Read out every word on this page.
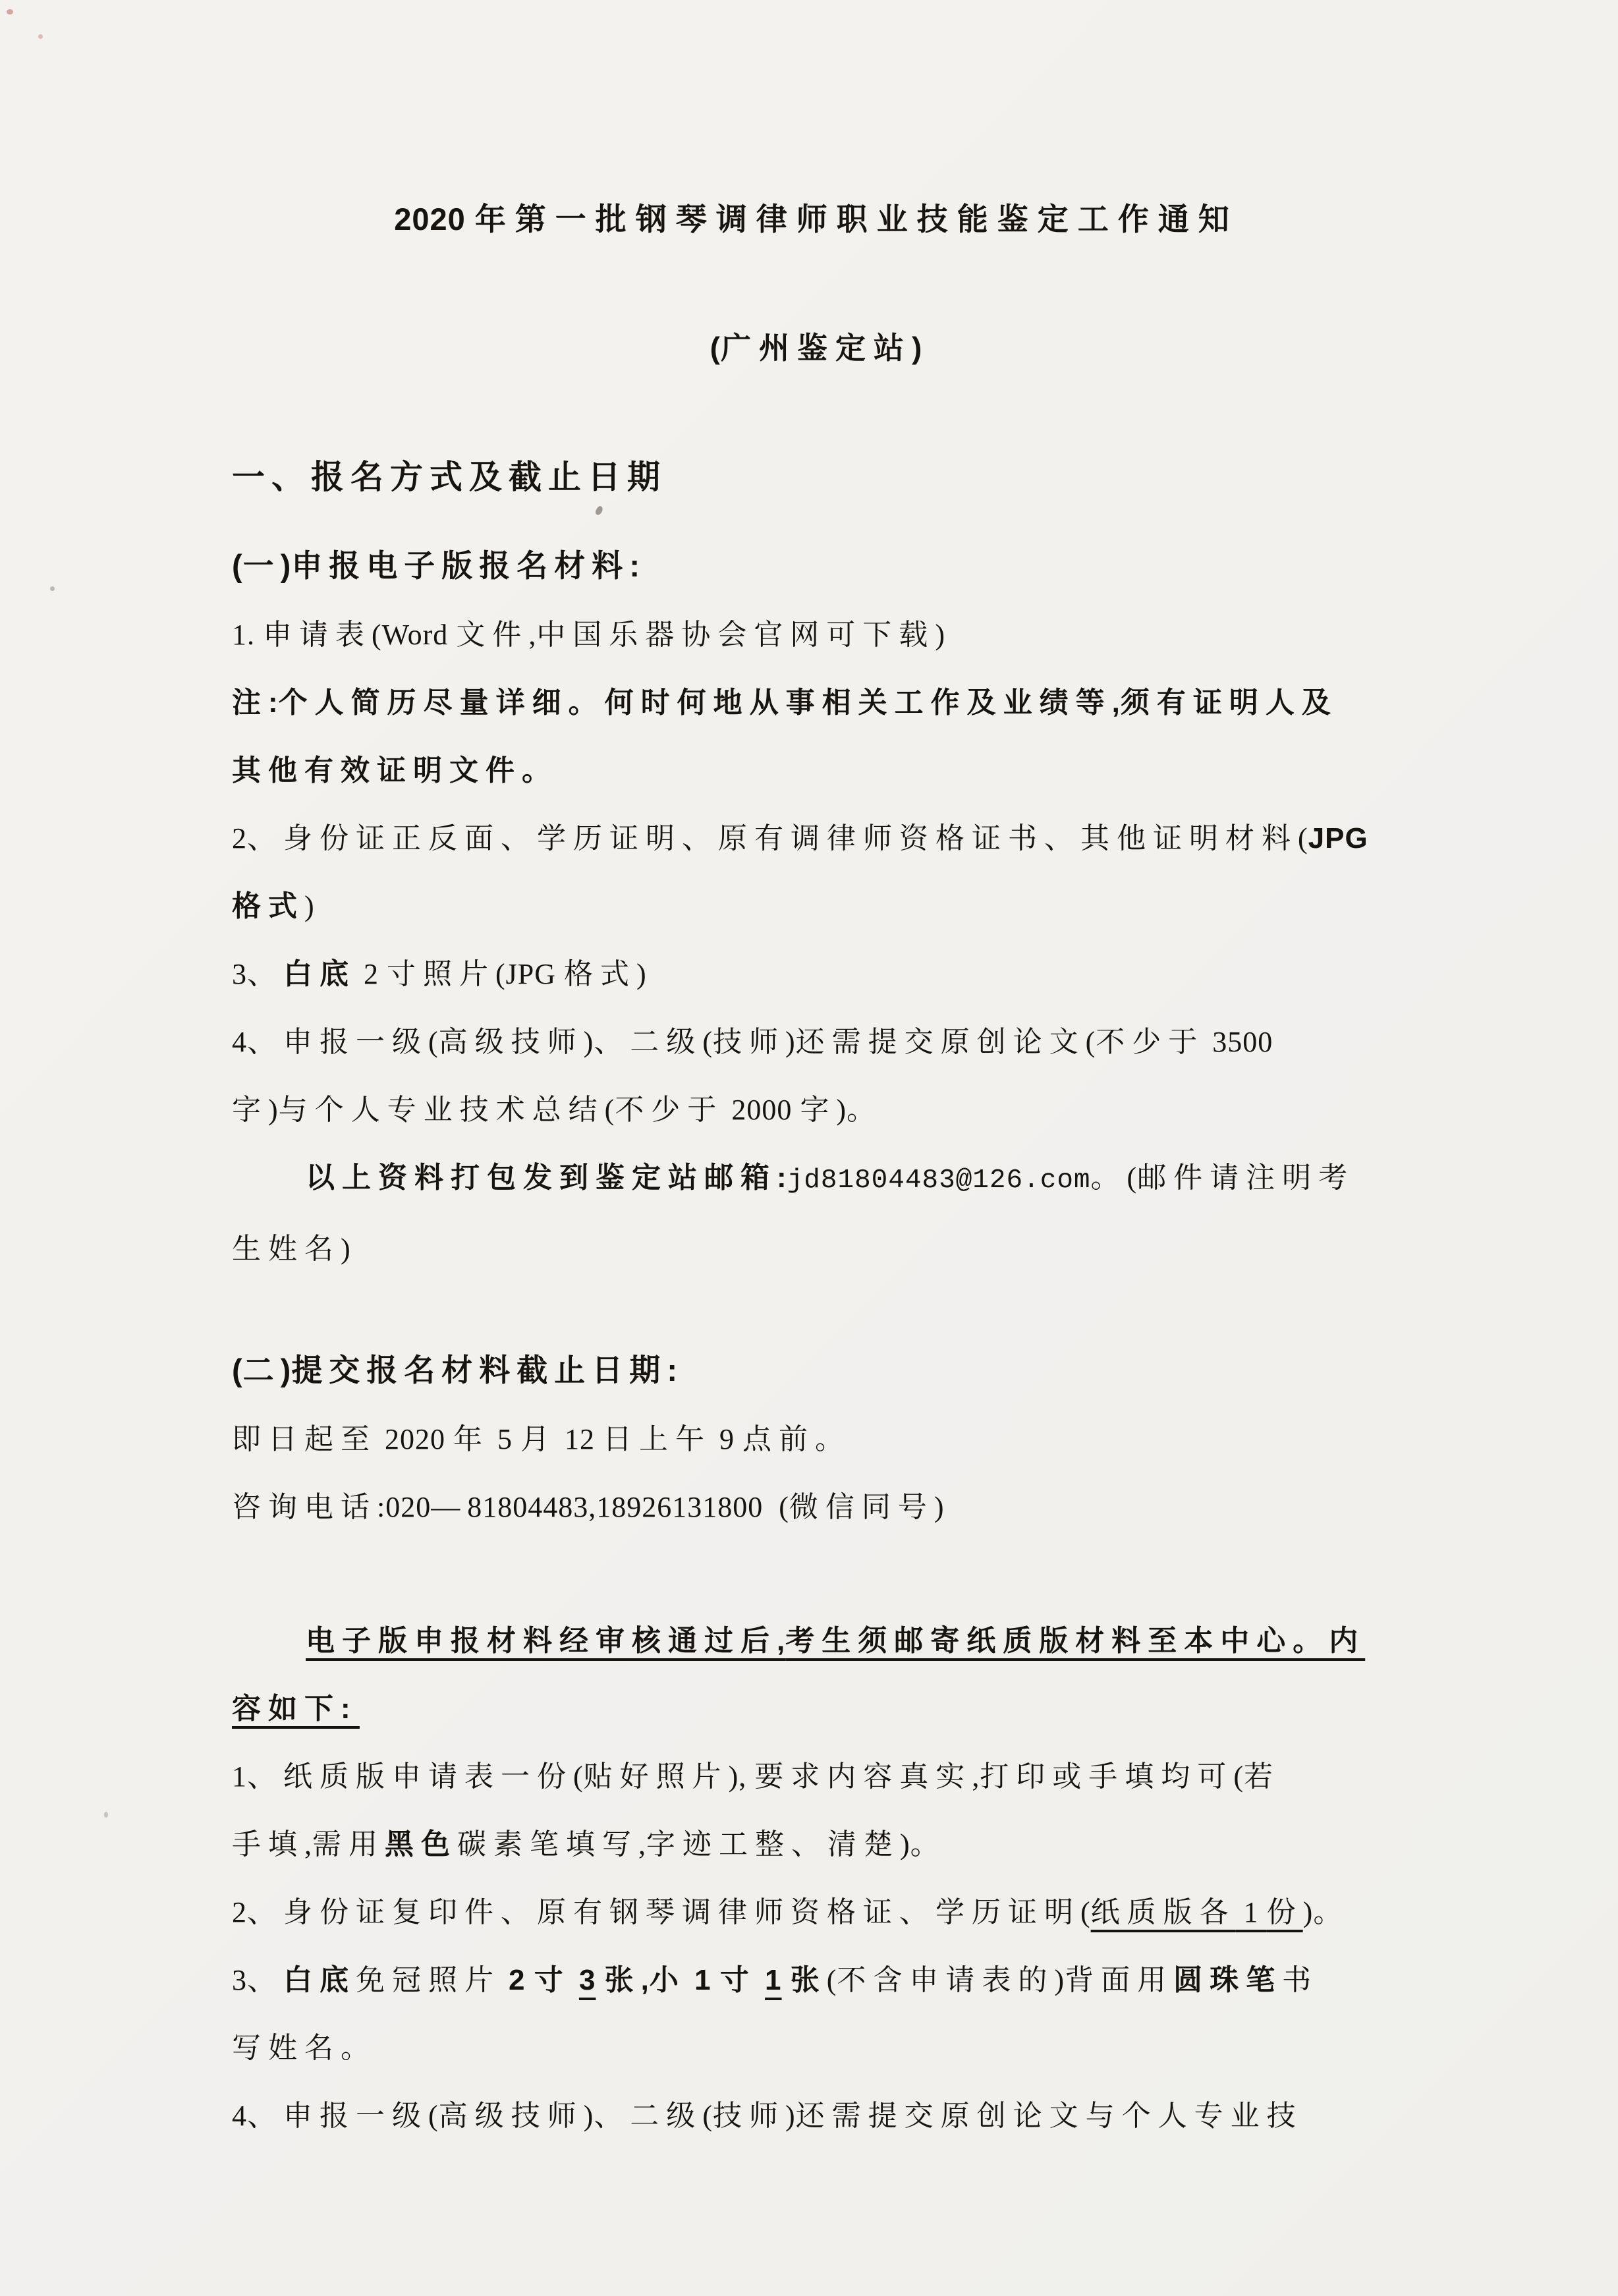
2020 年第一批钢琴调律师职业技能鉴定工作通知
(广州鉴定站)
一、报名方式及截止日期
(一)申报电子版报名材料:
1. 申请表(Word 文件,中国乐器协会官网可下载)
注:个人简历尽量详细。何时何地从事相关工作及业绩等,须有证明人及
其他有效证明文件。
2、身份证正反面、学历证明、原有调律师资格证书、其他证明材料(JPG
格式)
3、白底 2 寸照片(JPG 格式)
4、申报一级(高级技师)、二级(技师)还需提交原创论文(不少于 3500
字)与个人专业技术总结(不少于 2000 字)。
以上资料打包发到鉴定站邮箱:jd81804483@126.com。(邮件请注明考
生姓名)
(二)提交报名材料截止日期:
即日起至 2020 年 5 月 12 日上午 9 点前。
咨询电话:020—81804483,18926131800  (微信同号)
电子版申报材料经审核通过后,考生须邮寄纸质版材料至本中心。内
容如下:
1、纸质版申请表一份(贴好照片), 要求内容真实,打印或手填均可(若
手填,需用黑色碳素笔填写,字迹工整、清楚)。
2、身份证复印件、原有钢琴调律师资格证、学历证明(纸质版各 1 份)。
3、白底免冠照片 2 寸 3 张,小 1 寸 1 张(不含申请表的)背面用圆珠笔书
写姓名。
4、申报一级(高级技师)、二级(技师)还需提交原创论文与个人专业技
